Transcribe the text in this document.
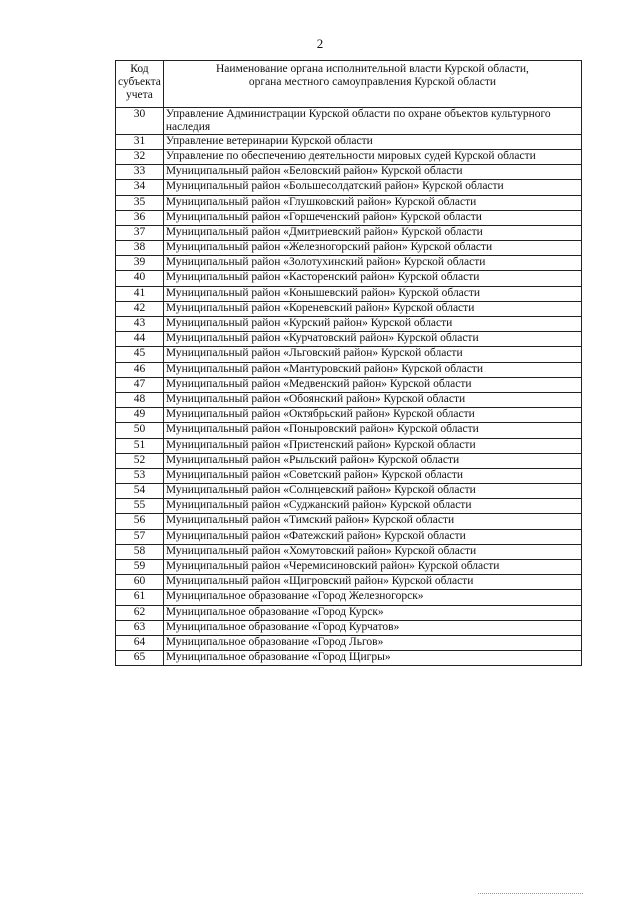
2
Код
субъекта
учета	Наименование органа исполнительной власти Курской области,
органа местного самоуправления Курской области
30	Управление Администрации Курской области по охране объектов культурного наследия
31	Управление ветеринарии Курской области
32	Управление по обеспечению деятельности мировых судей Курской области
33	Муниципальный район «Беловский район» Курской области
34	Муниципальный район «Большесолдатский район» Курской области
35	Муниципальный район «Глушковский район» Курской области
36	Муниципальный район «Горшеченский район» Курской области
37	Муниципальный район «Дмитриевский район» Курской области
38	Муниципальный район «Железногорский район» Курской области
39	Муниципальный район «Золотухинский район» Курской области
40	Муниципальный район «Касторенский район» Курской области
41	Муниципальный район «Конышевский район» Курской области
42	Муниципальный район «Кореневский район» Курской области
43	Муниципальный район «Курский район» Курской области
44	Муниципальный район «Курчатовский район» Курской области
45	Муниципальный район «Льговский район» Курской области
46	Муниципальный район «Мантуровский район» Курской области
47	Муниципальный район «Медвенский район» Курской области
48	Муниципальный район «Обоянский район» Курской области
49	Муниципальный район «Октябрьский район» Курской области
50	Муниципальный район «Поныровский район» Курской области
51	Муниципальный район «Пристенский район» Курской области
52	Муниципальный район «Рыльский район» Курской области
53	Муниципальный район «Советский район» Курской области
54	Муниципальный район «Солнцевский район» Курской области
55	Муниципальный район «Суджанский район» Курской области
56	Муниципальный район «Тимский район» Курской области
57	Муниципальный район «Фатежский район» Курской области
58	Муниципальный район «Хомутовский район» Курской области
59	Муниципальный район «Черемисиновский район» Курской области
60	Муниципальный район «Щигровский район» Курской области
61	Муниципальное образование «Город Железногорск»
62	Муниципальное образование «Город Курск»
63	Муниципальное образование «Город Курчатов»
64	Муниципальное образование «Город Льгов»
65	Муниципальное образование «Город Щигры»
